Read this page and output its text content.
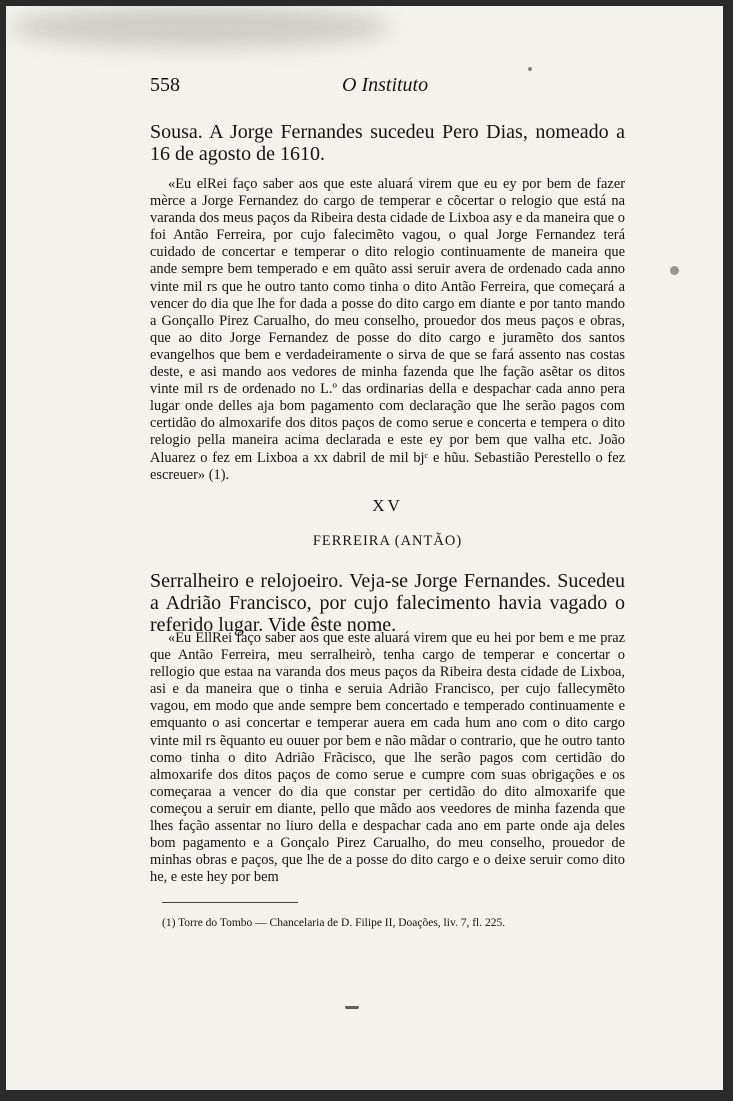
558	O Instituto

Sousa. A Jorge Fernandes sucedeu Pero Dias, nomeado a 16 de agosto de 1610.

«Eu elRei faço saber aos que este aluará virem que eu ey por bem de fazer mèrce a Jorge Fernandez do cargo de temperar e cõcertar o relogio que está na varanda dos meus paços da Ribeira desta cidade de Lixboa asy e da maneira que o foi Antão Ferreira, por cujo falecimẽto vagou, o qual Jorge Fernandez terá cuidado de concertar e temperar o dito relogio continuamente de maneira que ande sempre bem temperado e em quãto assi seruir avera de ordenado cada anno vinte mil rs que he outro tanto como tinha o dito Antão Ferreira, que começará a vencer do dia que lhe for dada a posse do dito cargo em diante e por tanto mando a Gonçallo Pirez Carualho, do meu conselho, prouedor dos meus paços e obras, que ao dito Jorge Fernandez de posse do dito cargo e juramẽto dos santos evangelhos que bem e verdadeiramente o sirva de que se fará assento nas costas deste, e asi mando aos vedores de minha fazenda que lhe fação asẽtar os ditos vinte mil rs de ordenado no L.º das ordinarias della e despachar cada anno pera lugar onde delles aja bom pagamento com declaração que lhe serão pagos com certidão do almoxarife dos ditos paços de como serue e concerta e tempera o dito relogio pella maneira acima declarada e este ey por bem que valha etc. João Aluarez o fez em Lixboa a xx dabril de mil bjᶜ e hũu. Sebastião Perestello o fez escreuer» (1).

XV
FERREIRA (ANTÃO)

Serralheiro e relojoeiro. Veja-se Jorge Fernandes. Sucedeu a Adrião Francisco, por cujo falecimento havia vagado o referido lugar. Vide êste nome.

«Eu EllRei faço saber aos que este aluará virem que eu hei por bem e me praz que Antão Ferreira, meu serralheirò, tenha cargo de temperar e concertar o rellogio que estaa na varanda dos meus paços da Ribeira desta cidade de Lixboa, asi e da maneira que o tinha e seruia Adrião Francisco, per cujo fallecymẽto vagou, em modo que ande sempre bem concertado e temperado continuamente e emquanto o asi concertar e temperar auera em cada hum ano com o dito cargo vinte mil rs ẽquanto eu ouuer por bem e não mãdar o contrario, que he outro tanto como tinha o dito Adrião Frãcisco, que lhe serão pagos com certidão do almoxarife dos ditos paços de como serue e cumpre com suas obrigações e os começaraa a vencer do dia que constar per certidão do dito almoxarife que começou a seruir em diante, pello que mãdo aos veedores de minha fazenda que lhes fação assentar no liuro della e despachar cada ano em parte onde aja deles bom pagamento e a Gonçalo Pirez Carualho, do meu conselho, prouedor de minhas obras e paços, que lhe de a posse do dito cargo e o deixe seruir como dito he, e este hey por bem

(1) Torre do Tombo — Chancelaria de D. Filipe II, Doações, liv. 7, fl. 225.
